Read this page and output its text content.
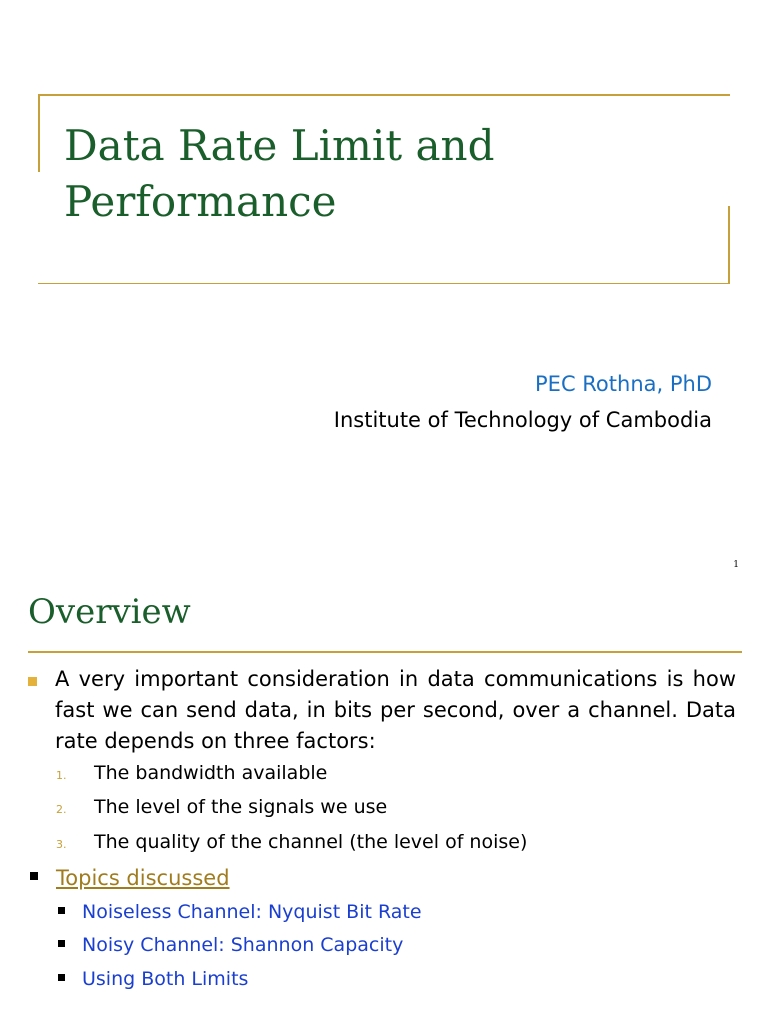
Data Rate Limit and Performance
PEC Rothna, PhD
Institute of Technology of Cambodia
1
Overview

A very important consideration in data communications is how fast we can send data, in bits per second, over a channel. Data rate depends on three factors:

1. The bandwidth available
2. The level of the signals we use
3. The quality of the channel (the level of noise)
Topics discussed
Noiseless Channel: Nyquist Bit Rate
Noisy Channel: Shannon Capacity
Using Both Limits
